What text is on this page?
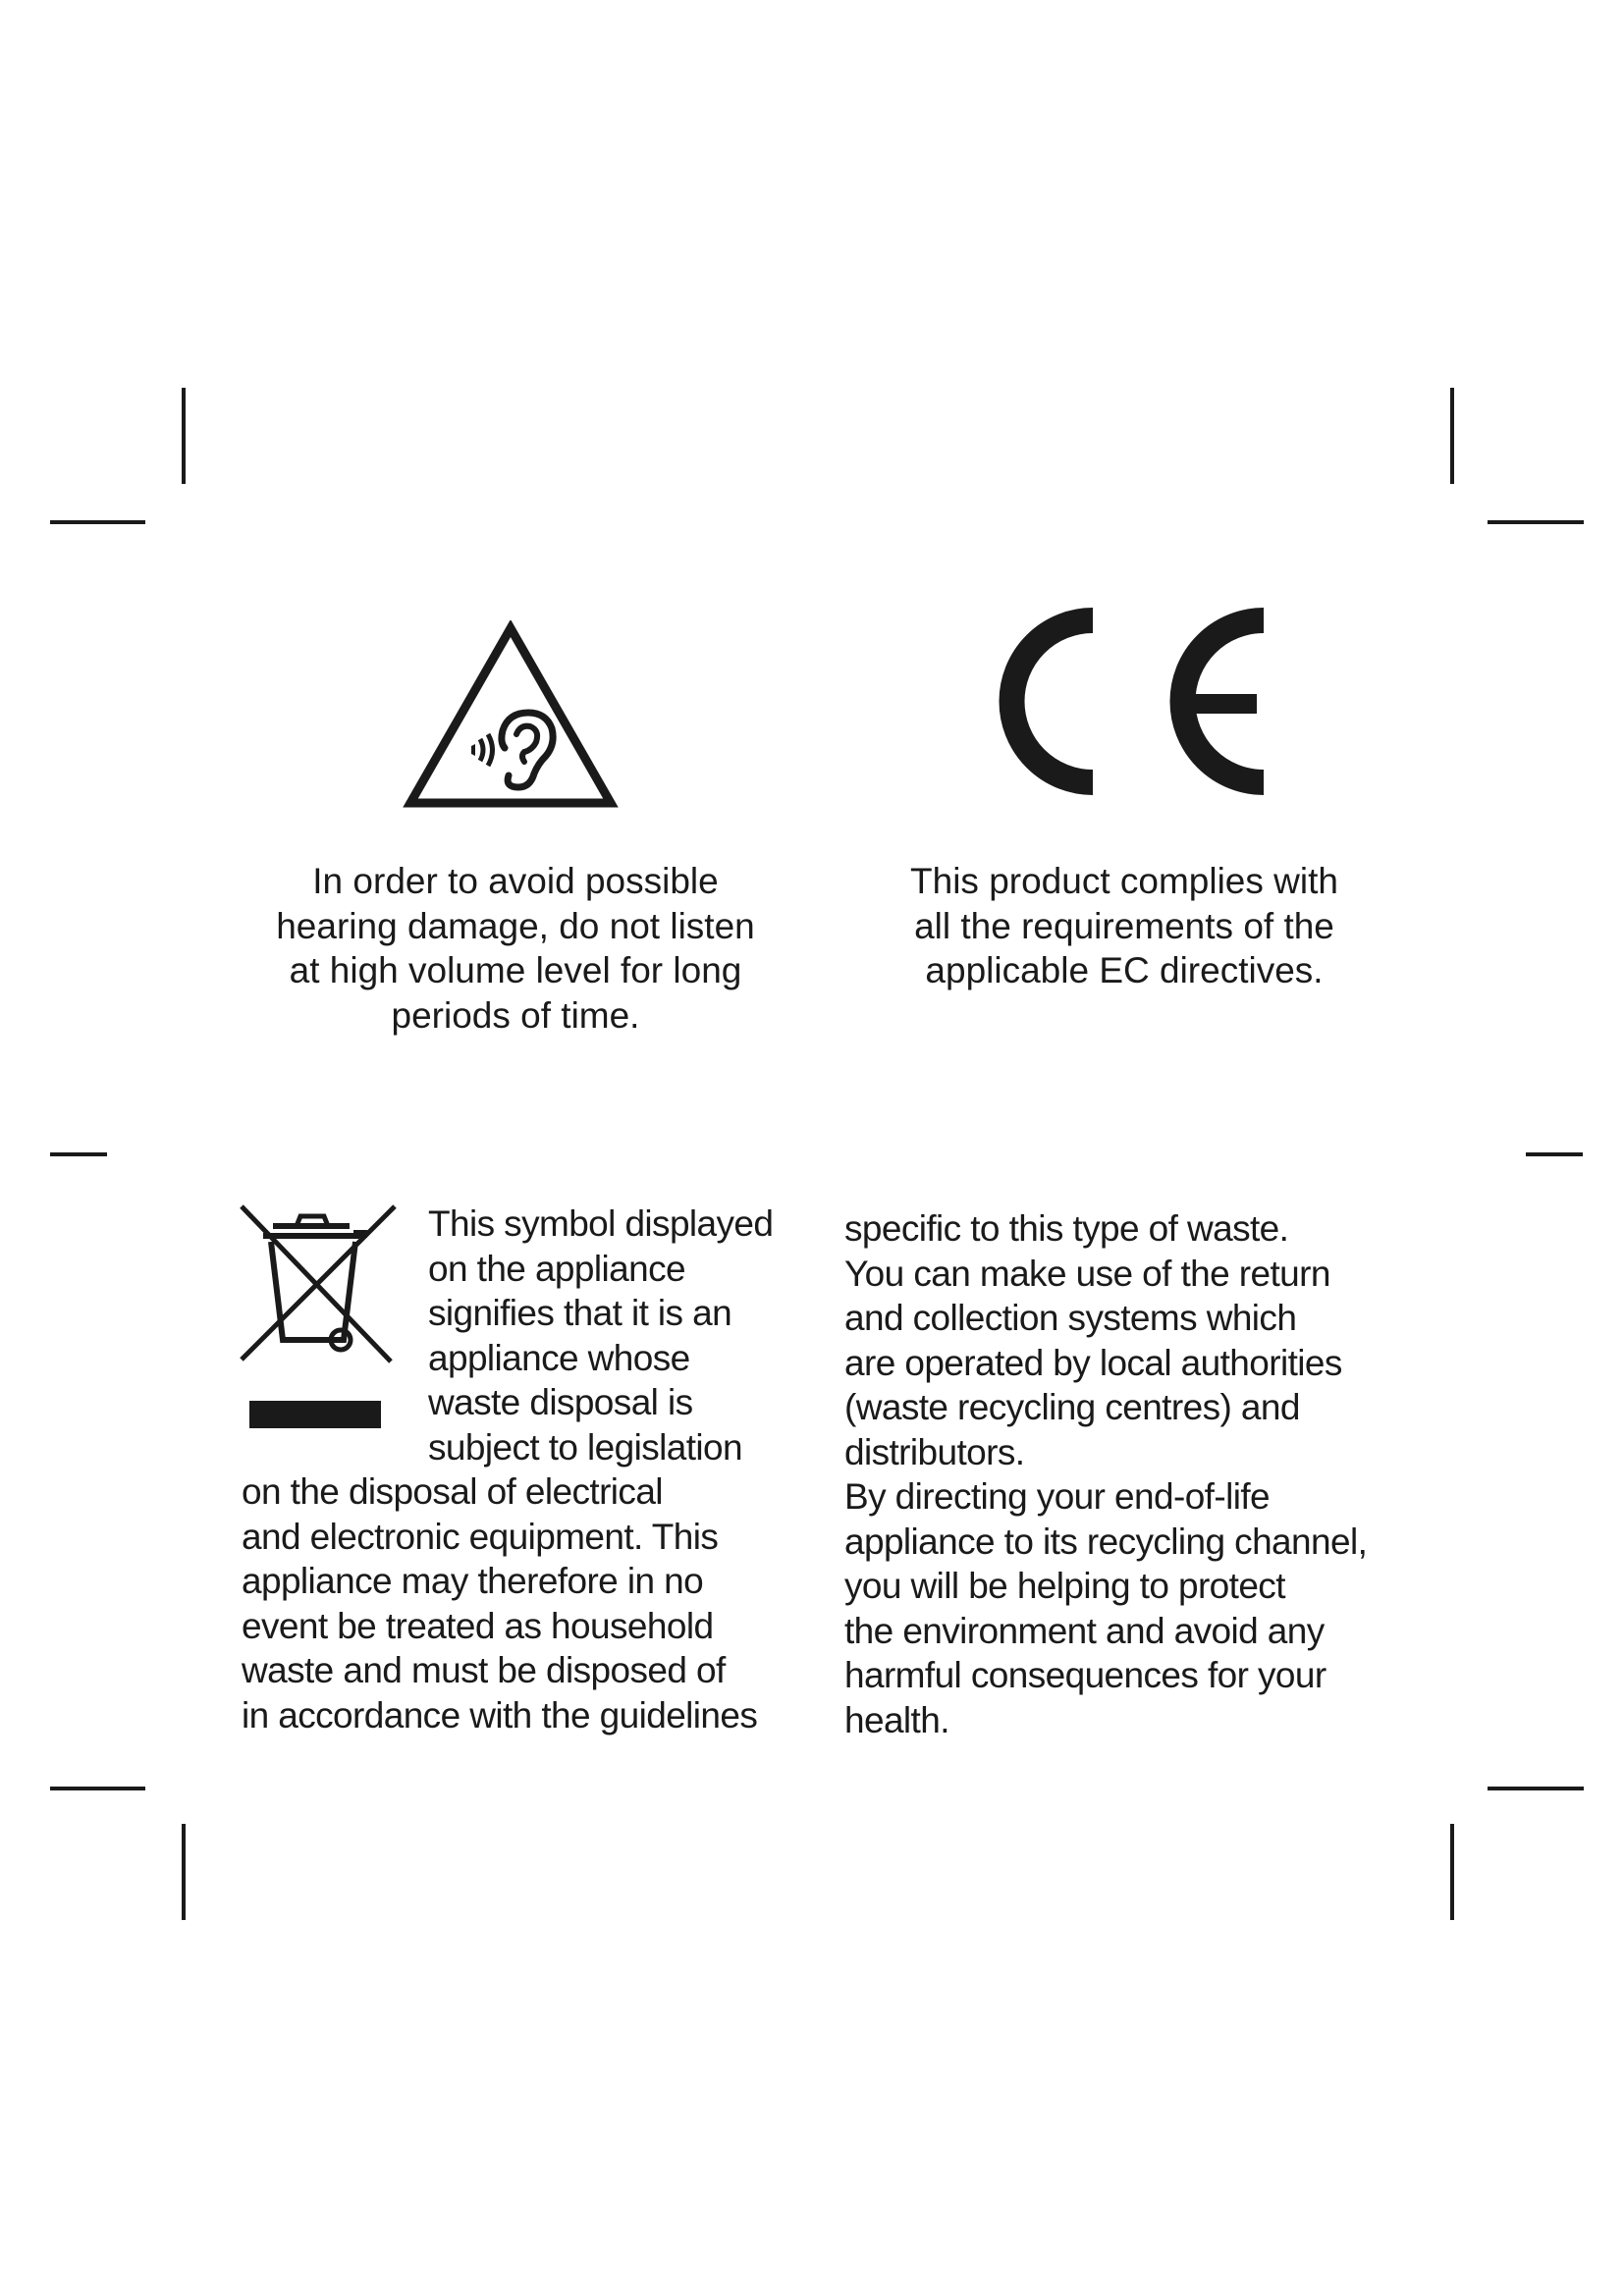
In order to avoid possible
hearing damage, do not listen
at high volume level for long
periods of time.

This product complies with
all the requirements of the
applicable EC directives.

This symbol displayed
on the appliance
signifies that it is an
appliance whose
waste disposal is
subject to legislation

on the disposal of electrical
and electronic equipment. This
appliance may therefore in no
event be treated as household
waste and must be disposed of
in accordance with the guidelines

specific to this type of waste.
You can make use of the return
and collection systems which
are operated by local authorities
(waste recycling centres) and
distributors.
By directing your end-of-life
appliance to its recycling channel,
you will be helping to protect
the environment and avoid any
harmful consequences for your
health.
